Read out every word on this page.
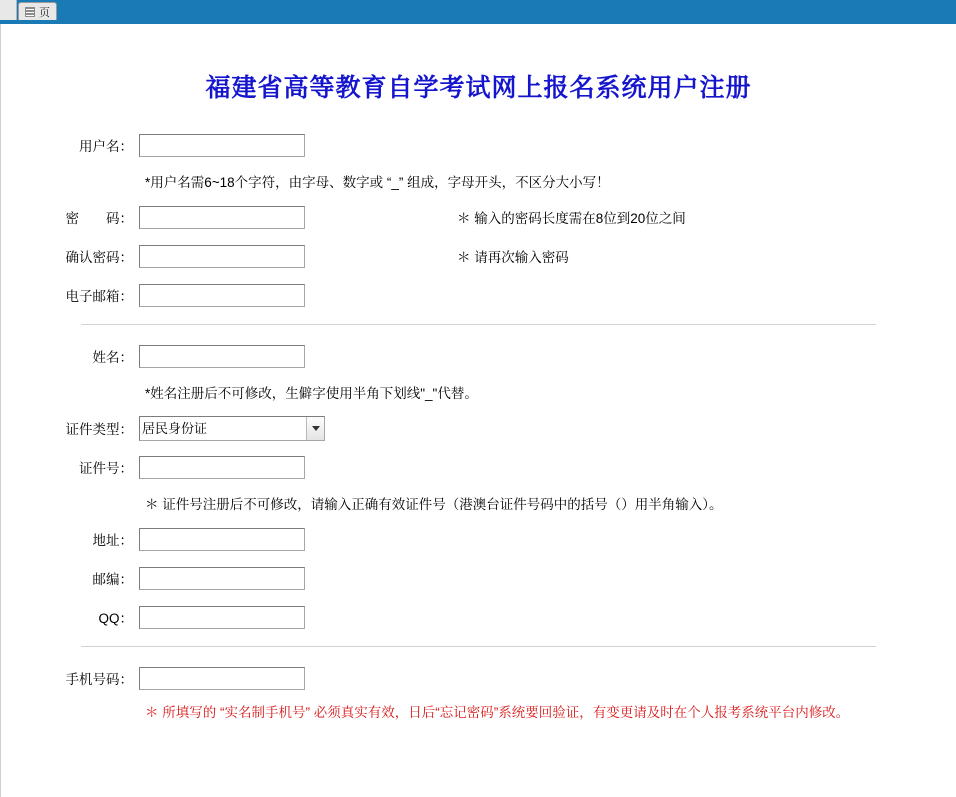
页
福建省高等教育自学考试网上报名系统用户注册
用户名：
*用户名需6~18个字符，由字母、数字或 “_” 组成，字母开头，不区分大小写！
密　　码：	＊ 输入的密码长度需在8位到20位之间
确认密码：	＊ 请再次输入密码
电子邮箱：
姓名：
*姓名注册后不可修改，生僻字使用半角下划线"_"代替。
证件类型：
居民身份证
证件号：
＊ 证件号注册后不可修改，请输入正确有效证件号（港澳台证件号码中的括号（）用半角输入）。
地址：
邮编：
QQ：
手机号码：
＊ 所填写的 “实名制手机号” 必须真实有效，日后“忘记密码”系统要回验证，有变更请及时在个人报考系统平台内修改。
